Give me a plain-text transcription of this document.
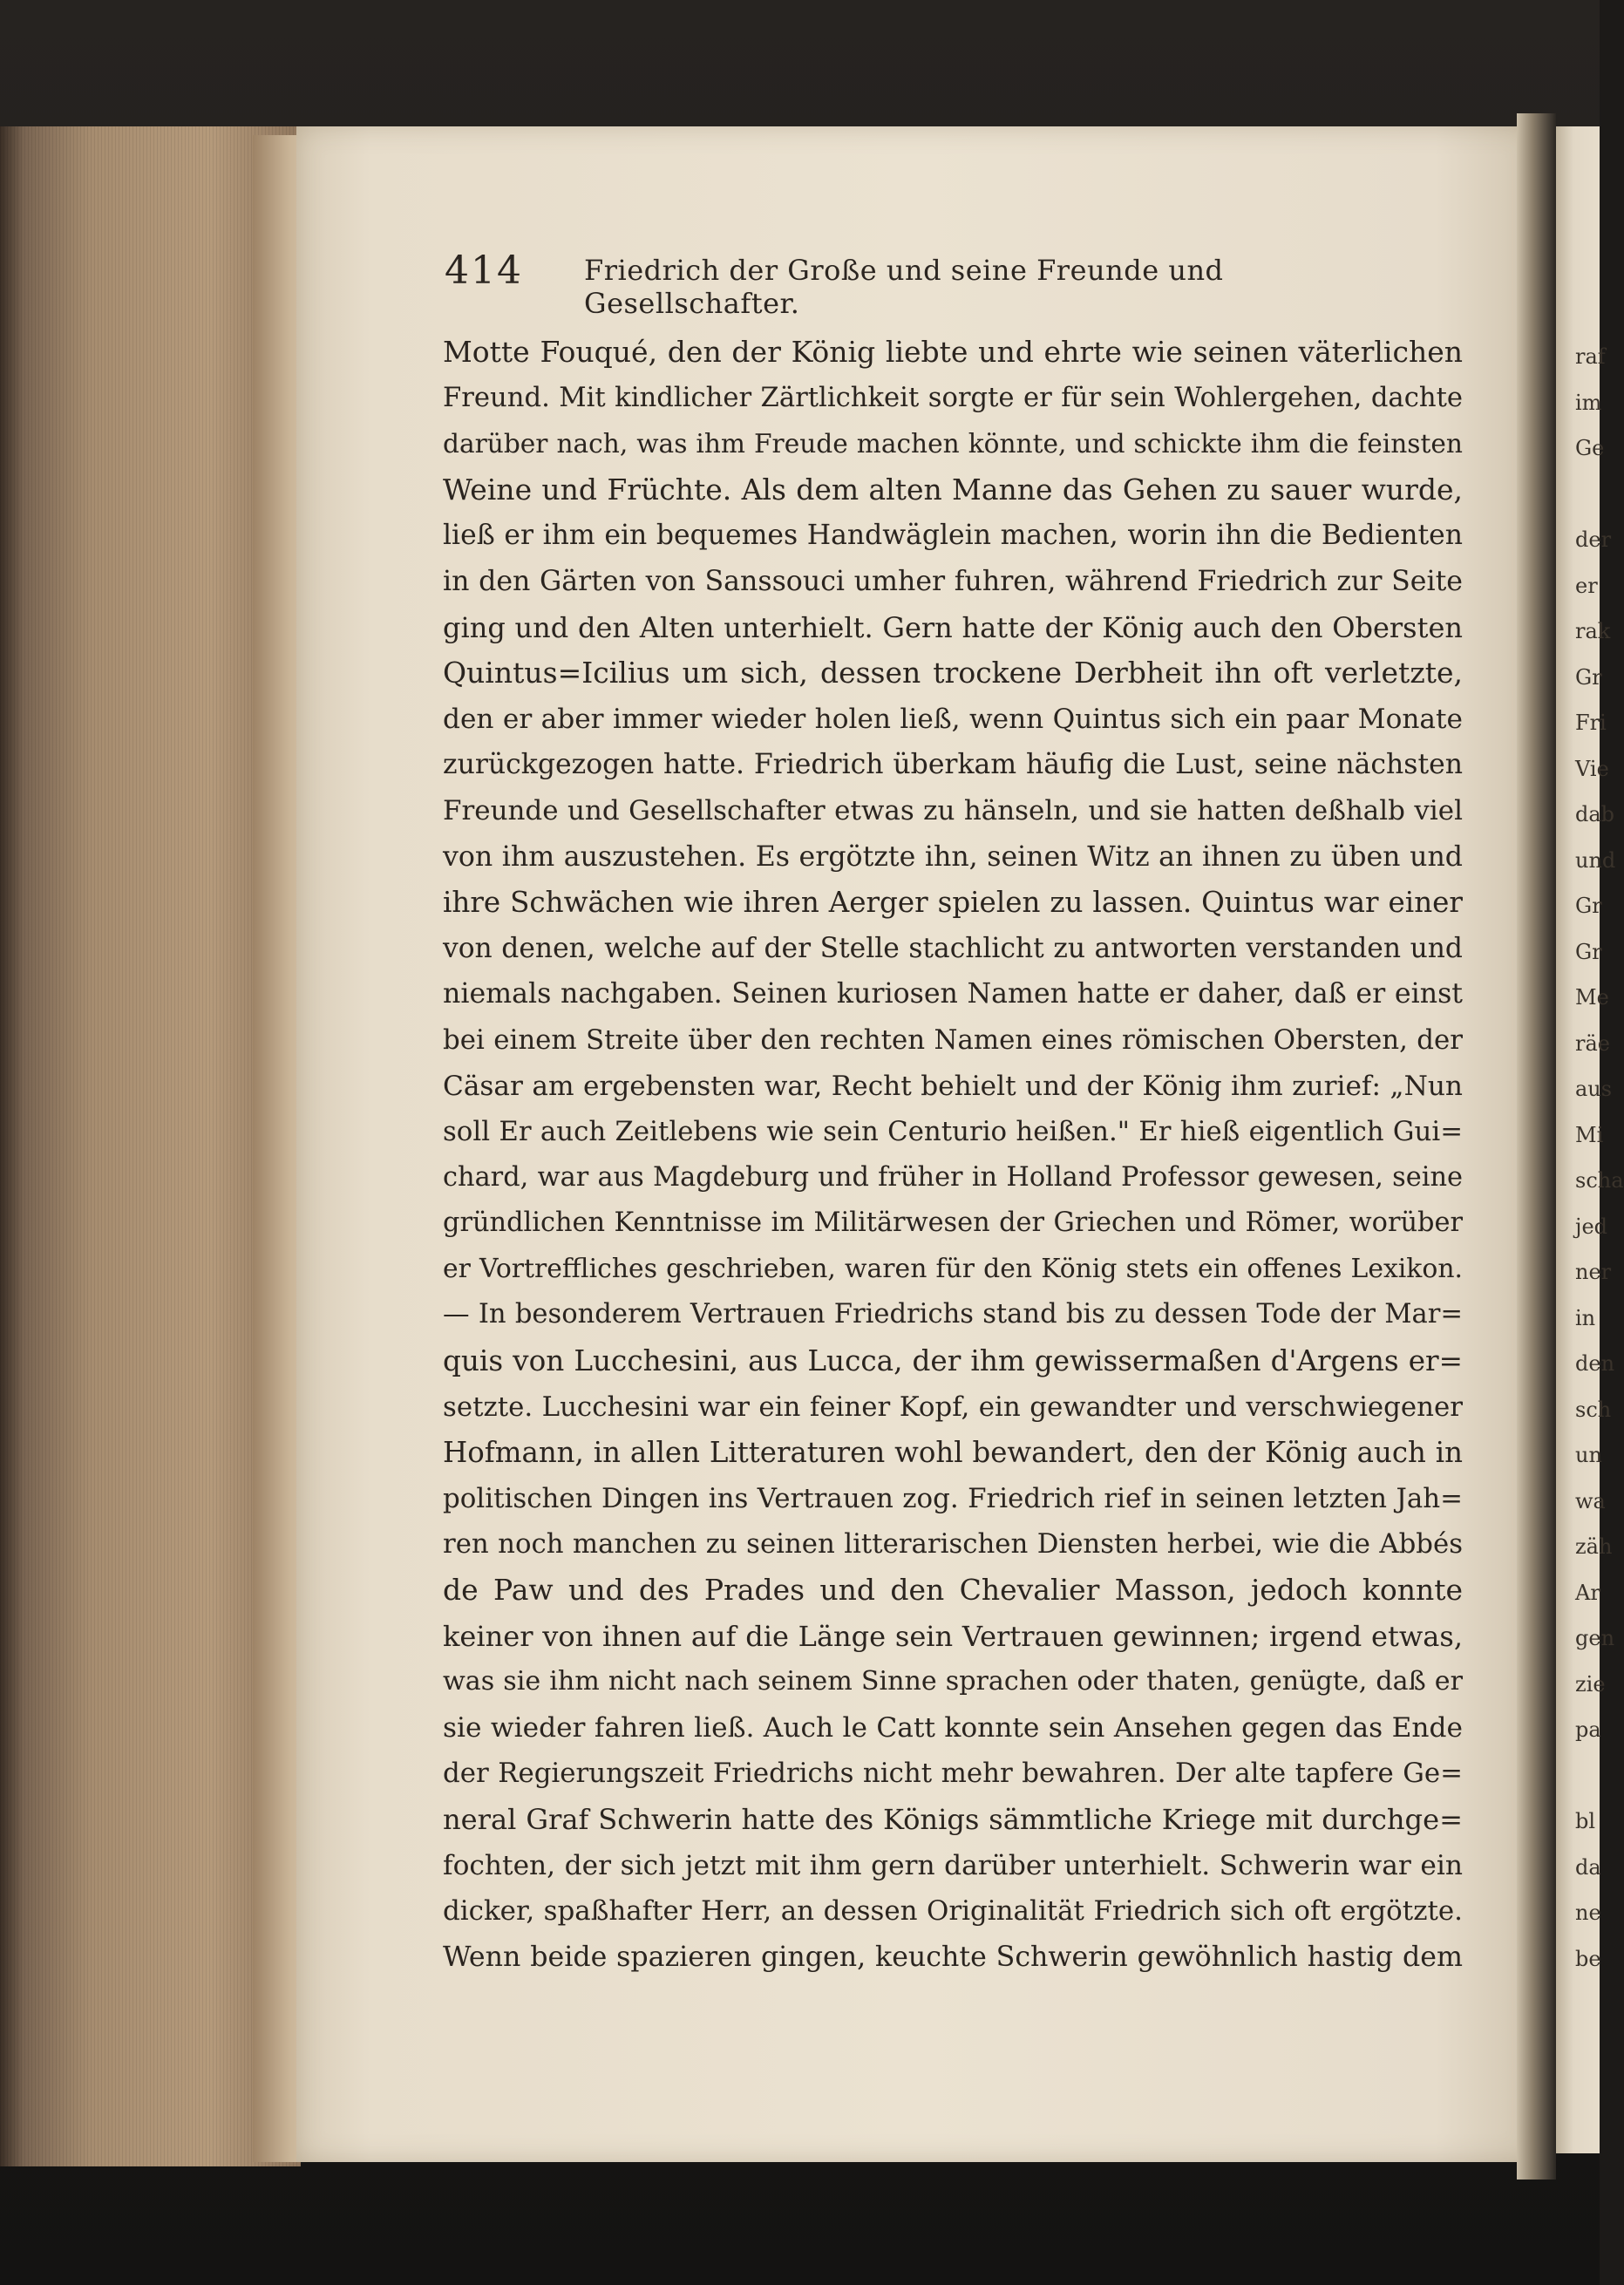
414 Friedrich der Große und seine Freunde und Gesellschafter.
Motte Fouqué, den der König liebte und ehrte wie seinen väterlichen
Freund. Mit kindlicher Zärtlichkeit sorgte er für sein Wohlergehen, dachte
darüber nach, was ihm Freude machen könnte, und schickte ihm die feinsten
Weine und Früchte. Als dem alten Manne das Gehen zu sauer wurde,
ließ er ihm ein bequemes Handwäglein machen, worin ihn die Bedienten
in den Gärten von Sanssouci umher fuhren, während Friedrich zur Seite
ging und den Alten unterhielt. Gern hatte der König auch den Obersten
Quintus=Icilius um sich, dessen trockene Derbheit ihn oft verletzte,
den er aber immer wieder holen ließ, wenn Quintus sich ein paar Monate
zurückgezogen hatte. Friedrich überkam häufig die Lust, seine nächsten
Freunde und Gesellschafter etwas zu hänseln, und sie hatten deßhalb viel
von ihm auszustehen. Es ergötzte ihn, seinen Witz an ihnen zu üben und
ihre Schwächen wie ihren Aerger spielen zu lassen. Quintus war einer
von denen, welche auf der Stelle stachlicht zu antworten verstanden und
niemals nachgaben. Seinen kuriosen Namen hatte er daher, daß er einst
bei einem Streite über den rechten Namen eines römischen Obersten, der
Cäsar am ergebensten war, Recht behielt und der König ihm zurief: „Nun
soll Er auch Zeitlebens wie sein Centurio heißen." Er hieß eigentlich Gui=
chard, war aus Magdeburg und früher in Holland Professor gewesen, seine
gründlichen Kenntnisse im Militärwesen der Griechen und Römer, worüber
er Vortreffliches geschrieben, waren für den König stets ein offenes Lexikon.
— In besonderem Vertrauen Friedrichs stand bis zu dessen Tode der Mar=
quis von Lucchesini, aus Lucca, der ihm gewissermaßen d'Argens er=
setzte. Lucchesini war ein feiner Kopf, ein gewandter und verschwiegener
Hofmann, in allen Litteraturen wohl bewandert, den der König auch in
politischen Dingen ins Vertrauen zog. Friedrich rief in seinen letzten Jah=
ren noch manchen zu seinen litterarischen Diensten herbei, wie die Abbés
de Paw und des Prades und den Chevalier Masson, jedoch konnte
keiner von ihnen auf die Länge sein Vertrauen gewinnen; irgend etwas,
was sie ihm nicht nach seinem Sinne sprachen oder thaten, genügte, daß er
sie wieder fahren ließ. Auch le Catt konnte sein Ansehen gegen das Ende
der Regierungszeit Friedrichs nicht mehr bewahren. Der alte tapfere Ge=
neral Graf Schwerin hatte des Königs sämmtliche Kriege mit durchge=
fochten, der sich jetzt mit ihm gern darüber unterhielt. Schwerin war ein
dicker, spaßhafter Herr, an dessen Originalität Friedrich sich oft ergötzte.
Wenn beide spazieren gingen, keuchte Schwerin gewöhnlich hastig dem
raf
im
Ge
der
er
rak
Gr
Fri
Vie
dab
und
Gr
Gr
Me
räe
aus
Mi
scha
jed
ner
in
den
sch
un
wa
zäh
Ar
gen
zie
pa
bl
da
ne
be
